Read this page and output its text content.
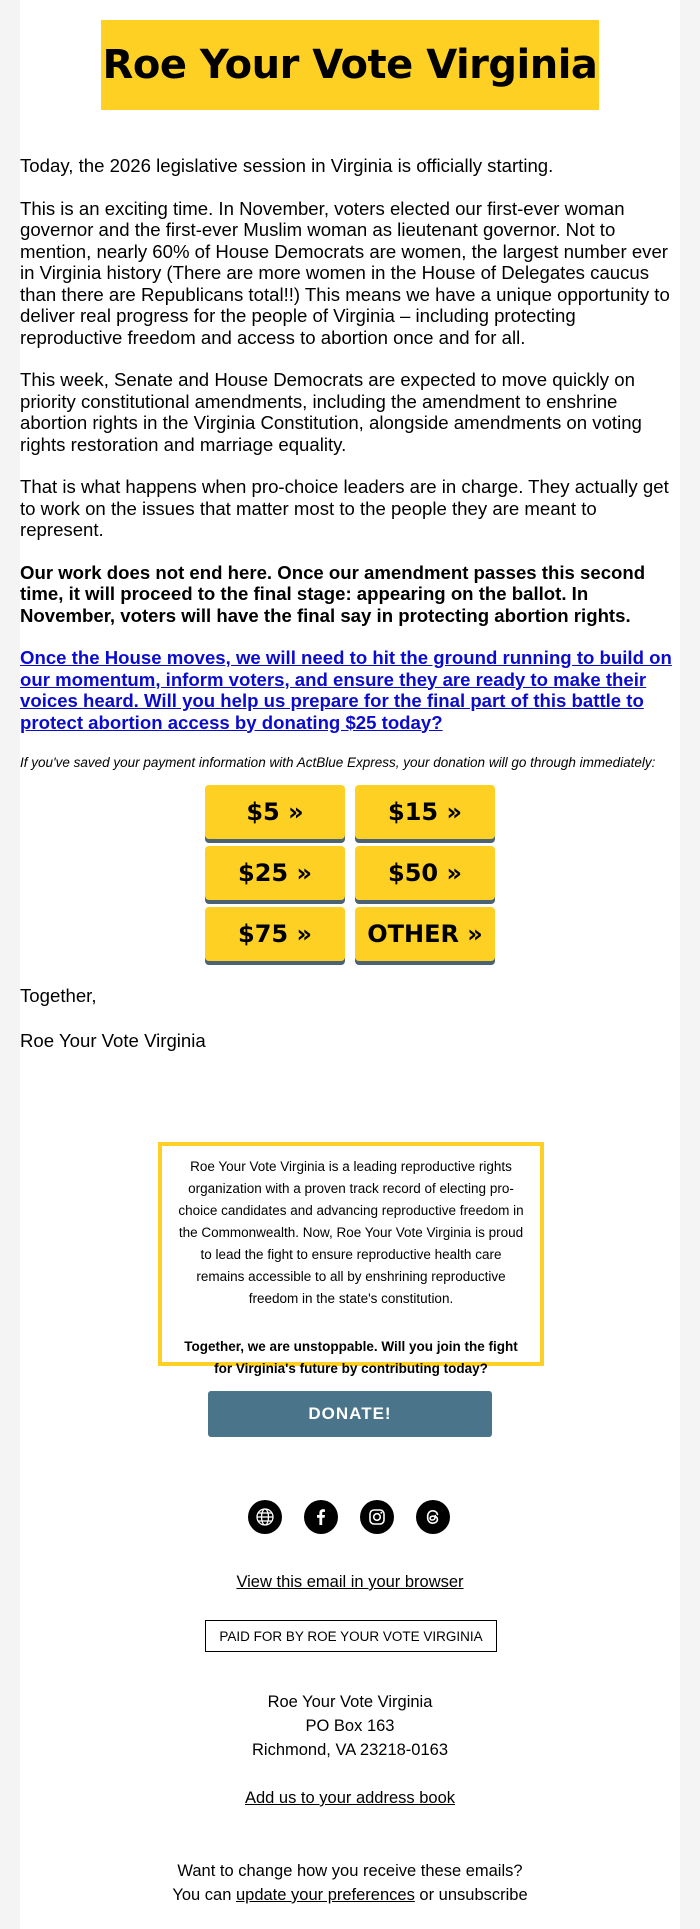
Roe Your Vote Virginia

Today, the 2026 legislative session in Virginia is officially starting.

This is an exciting time. In November, voters elected our first-ever woman governor and the first-ever Muslim woman as lieutenant governor. Not to mention, nearly 60% of House Democrats are women, the largest number ever in Virginia history (There are more women in the House of Delegates caucus than there are Republicans total!!) This means we have a unique opportunity to deliver real progress for the people of Virginia – including protecting reproductive freedom and access to abortion once and for all.

This week, Senate and House Democrats are expected to move quickly on priority constitutional amendments, including the amendment to enshrine abortion rights in the Virginia Constitution, alongside amendments on voting rights restoration and marriage equality.

That is what happens when pro-choice leaders are in charge. They actually get to work on the issues that matter most to the people they are meant to represent.

Our work does not end here. Once our amendment passes this second time, it will proceed to the final stage: appearing on the ballot. In November, voters will have the final say in protecting abortion rights.

Once the House moves, we will need to hit the ground running to build on our momentum, inform voters, and ensure they are ready to make their voices heard. Will you help us prepare for the final part of this battle to protect abortion access by donating $25 today?

If you've saved your payment information with ActBlue Express, your donation will go through immediately:

$5 »	$15 »
$25 »	$50 »
$75 »	OTHER »
Together,
Roe Your Vote Virginia
Roe Your Vote Virginia is a leading reproductive rights organization with a proven track record of electing pro-choice candidates and advancing reproductive freedom in the Commonwealth. Now, Roe Your Vote Virginia is proud to lead the fight to ensure reproductive health care remains accessible to all by enshrining reproductive freedom in the state's constitution.
Together, we are unstoppable. Will you join the fight for Virginia's future by contributing today?
DONATE!
View this email in your browser
PAID FOR BY ROE YOUR VOTE VIRGINIA
Roe Your Vote Virginia
PO Box 163
Richmond, VA 23218-0163
Add us to your address book
Want to change how you receive these emails?
You can update your preferences or unsubscribe
